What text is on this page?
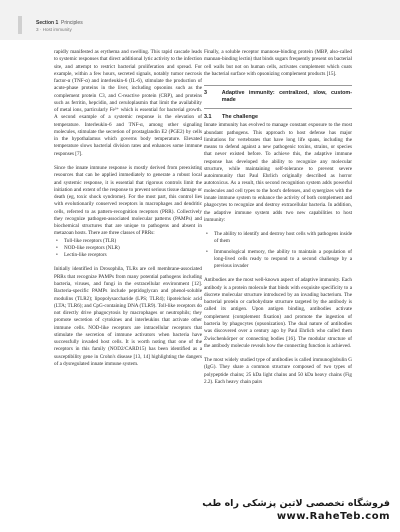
Section 1 Principles
3 · Host immunity

rapidly manifested as erythema and swelling. This rapid cascade leads to systemic responses that direct additional lytic activity to the infection site, and attempt to restrict bacterial proliferation and spread. For example, within a few hours, secreted signals, notably tumor necrosis factor-α (TNF-α) and interleukin-6 (IL-6), stimulate the production of acute-phase proteins in the liver, including opsonins such as the complement protein C3, and C-reactive protein (CRP), and proteins such as ferritin, hepcidin, and ceruloplasmin that limit the availability of metal ions, particularly Fe³⁺ which is essential for bacterial growth. A second example of a systemic response is the elevation of temperature. Interleukin-6 and TNF-α, among other signaling molecules, stimulate the secretion of prostaglandin E2 (PGE2) by cells in the hypothalamus which governs body temperature. Elevated temperature slows bacterial division rates and enhances some immune responses [7].

Since the innate immune response is mostly derived from preexisting resources that can be applied immediately to generate a robust local and systemic response, it is essential that rigorous controls limit the initiation and extent of the response to prevent serious tissue damage or death (eg, toxic shock syndrome). For the most part, this control lies with evolutionarily conserved receptors in macrophages and dendritic cells, referred to as pattern-recognition receptors (PRR). Collectively they recognize pathogen-associated molecular patterns (PAMPs) and biochemical structures that are unique to pathogens and absent in metazoan hosts. There are three classes of PRRs:

• Toll-like receptors (TLR)
• NOD-like receptors (NLR)
• Lectin-like receptors

Initially identified in Drosophila, TLRs are cell membrane-associated PRRs that recognize PAMPs from many potential pathogens including bacteria, viruses, and fungi in the extracellular environment [12]. Bacteria-specific PAMPs include peptidoglycan and phenol-soluble modulins (TLR2); lipopolysaccharide (LPS; TLR4); lipoteichoic acid (LTA; TLR6); and CpG-containing DNA (TLR9). Toll-like receptors do not directly drive phagocytosis by macrophages or neutrophils; they promote secretion of cytokines and interleukins that activate other immune cells. NOD-like receptors are intracellular receptors that stimulate the secretion of immune activators when bacteria have successfully invaded host cells. It is worth noting that one of the receptors in this family (NOD2/CARD15) has been identified as a susceptibility gene in Crohn's disease [13, 14] highlighting the dangers of a dysregulated innate immune system.

Finally, a soluble receptor mannose-binding protein (MBP, also-called mannan-binding lectin) that binds sugars frequently present on bacterial cell walls but not on human cells, activates complement which coats the bacterial surface with opsonizing complement products [15].

3	Adaptive immunity: centralized, slow, custom-made
3.1	The challenge

Innate immunity has evolved to manage constant exposure to the most abundant pathogens. This approach to host defense has major limitations for vertebrates that have long life spans, including the means to defend against a new pathogenic toxins, strains, or species that never existed before. To achieve this, the adaptive immune response has developed the ability to recognize any molecular structure, while maintaining self-tolerance to prevent severe autoimmunity that Paul Ehrlich originally described as horror autotoxicus. As a result, this second recognition system adds powerful molecules and cell types to the host's defenses, and synergizes with the innate immune system to enhance the activity of both complement and phagocytes to recognize and destroy extracellular bacteria. In addition, the adaptive immune system adds two new capabilities to host immunity:

• The ability to identify and destroy host cells with pathogens inside of them
• Immunological memory, the ability to maintain a population of long-lived cells ready to respond to a second challenge by a previous invader

Antibodies are the most well-known aspect of adaptive immunity. Each antibody is a protein molecule that binds with exquisite specificity to a discrete molecular structure introduced by an invading bacterium. The bacterial protein or carbohydrate structure targeted by the antibody is called its antigen. Upon antigen binding, antibodies activate complement (complement fixation) and promote the ingestion of bacteria by phagocytes (opsonization). The dual nature of antibodies was discovered over a century ago by Paul Ehrlich who called them Zwischenkörper or connecting bodies [16]. The modular structure of the antibody molecule reveals how the connecting function is achieved.

The most widely studied type of antibodies is called immunoglobulin G (IgG). They share a common structure composed of two types of polypeptide chains; 25 kDa light chains and 50 kDa heavy chains (Fig 2.2). Each heavy chain pairs

فروشگاه تخصصی لاتین پزشکی راه طب
www.RaheTeb.com
